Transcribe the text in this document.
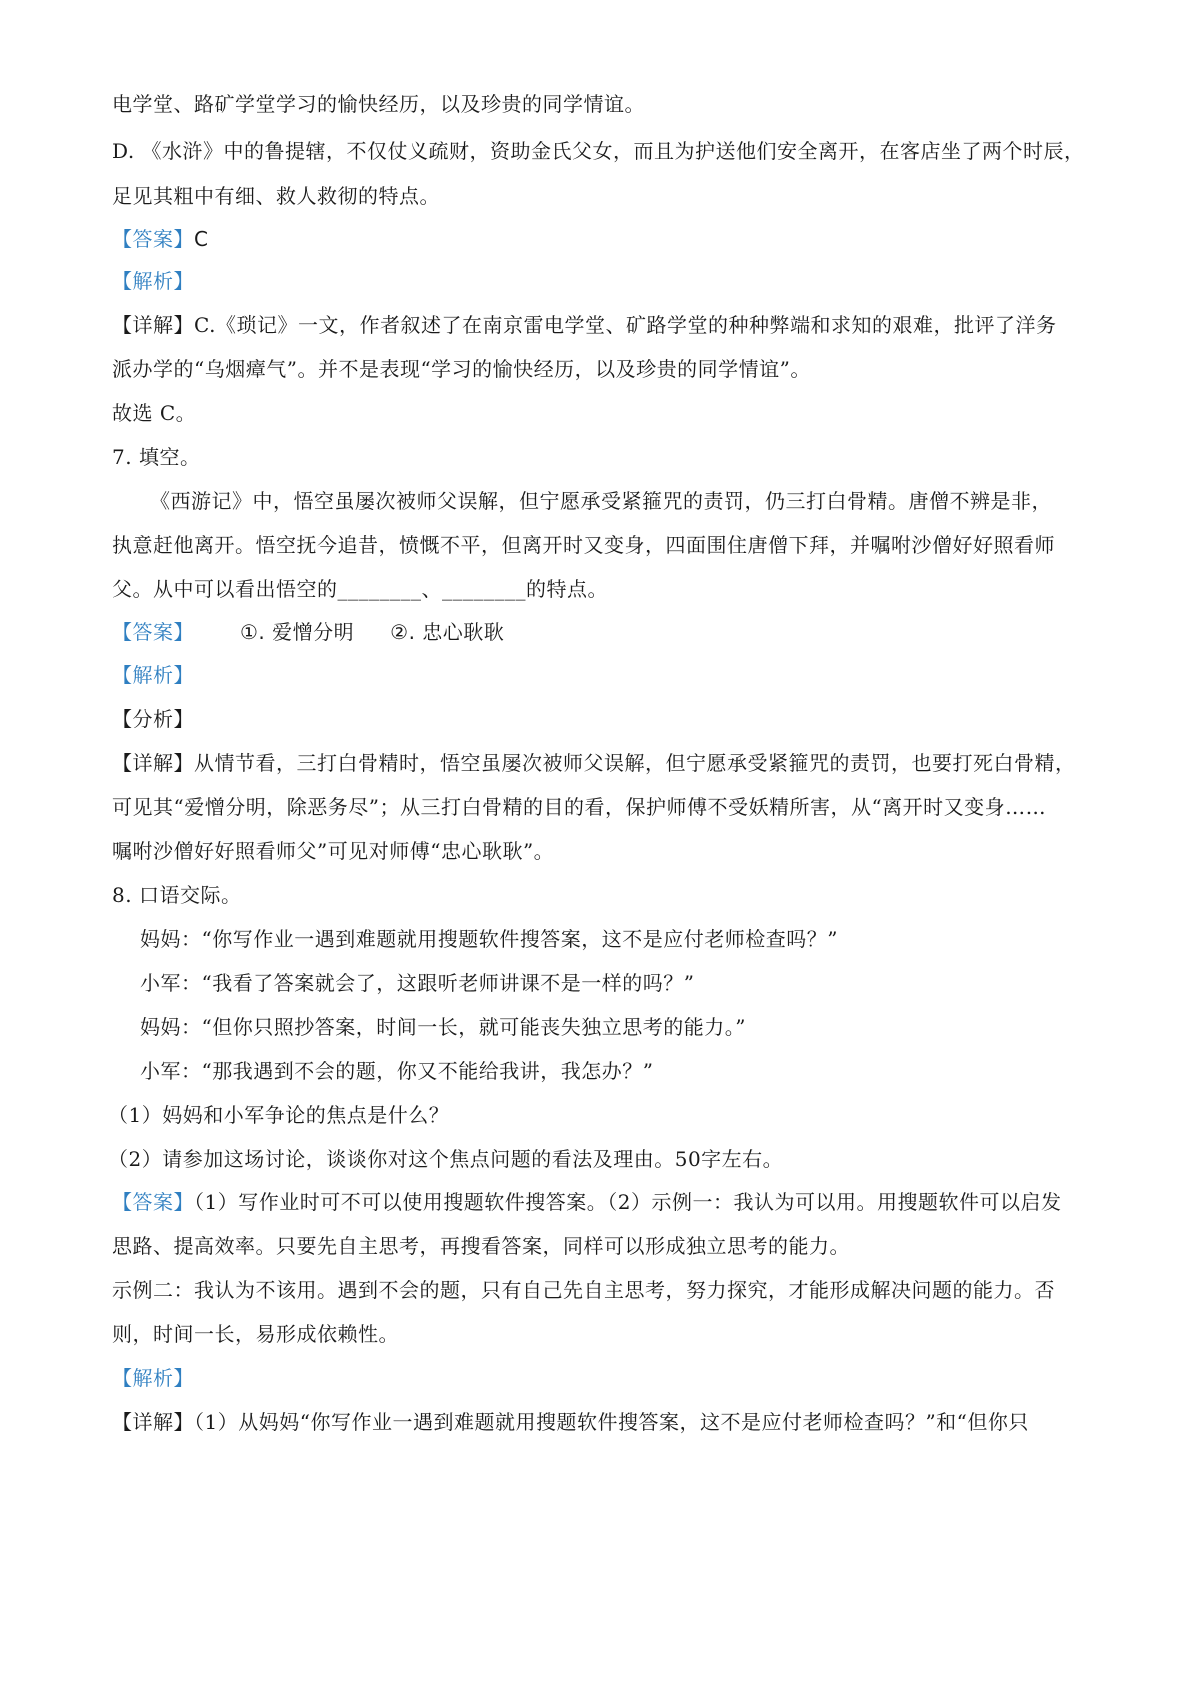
电学堂、路矿学堂学习的愉快经历，以及珍贵的同学情谊。
D. 《水浒》中的鲁提辖，不仅仗义疏财，资助金氏父女，而且为护送他们安全离开，在客店坐了两个时辰，
足见其粗中有细、救人救彻的特点。
【答案】C
【解析】
【详解】C.《琐记》一文，作者叙述了在南京雷电学堂、矿路学堂的种种弊端和求知的艰难，批评了洋务
派办学的“乌烟瘴气”。并不是表现“学习的愉快经历，以及珍贵的同学情谊”。
故选 C。
7. 填空。
《西游记》中，悟空虽屡次被师父误解，但宁愿承受紧箍咒的责罚，仍三打白骨精。唐僧不辨是非，
执意赶他离开。悟空抚今追昔，愤慨不平，但离开时又变身，四面围住唐僧下拜，并嘱咐沙僧好好照看师
父。从中可以看出悟空的________、________的特点。
【答案】 ①. 爱憎分明 ②. 忠心耿耿
【解析】
【分析】
【详解】从情节看，三打白骨精时，悟空虽屡次被师父误解，但宁愿承受紧箍咒的责罚，也要打死白骨精，
可见其“爱憎分明，除恶务尽”；从三打白骨精的目的看，保护师傅不受妖精所害，从“离开时又变身……
嘱咐沙僧好好照看师父”可见对师傅“忠心耿耿”。
8. 口语交际。
妈妈：“你写作业一遇到难题就用搜题软件搜答案，这不是应付老师检查吗？”
小军：“我看了答案就会了，这跟听老师讲课不是一样的吗？”
妈妈：“但你只照抄答案，时间一长，就可能丧失独立思考的能力。”
小军：“那我遇到不会的题，你又不能给我讲，我怎办？”
（1）妈妈和小军争论的焦点是什么？
（2）请参加这场讨论，谈谈你对这个焦点问题的看法及理由。50字左右。
【答案】（1）写作业时可不可以使用搜题软件搜答案。（2）示例一：我认为可以用。用搜题软件可以启发
思路、提高效率。只要先自主思考，再搜看答案，同样可以形成独立思考的能力。
示例二：我认为不该用。遇到不会的题，只有自己先自主思考，努力探究，才能形成解决问题的能力。否
则，时间一长，易形成依赖性。
【解析】
【详解】（1）从妈妈“你写作业一遇到难题就用搜题软件搜答案，这不是应付老师检查吗？”和“但你只
